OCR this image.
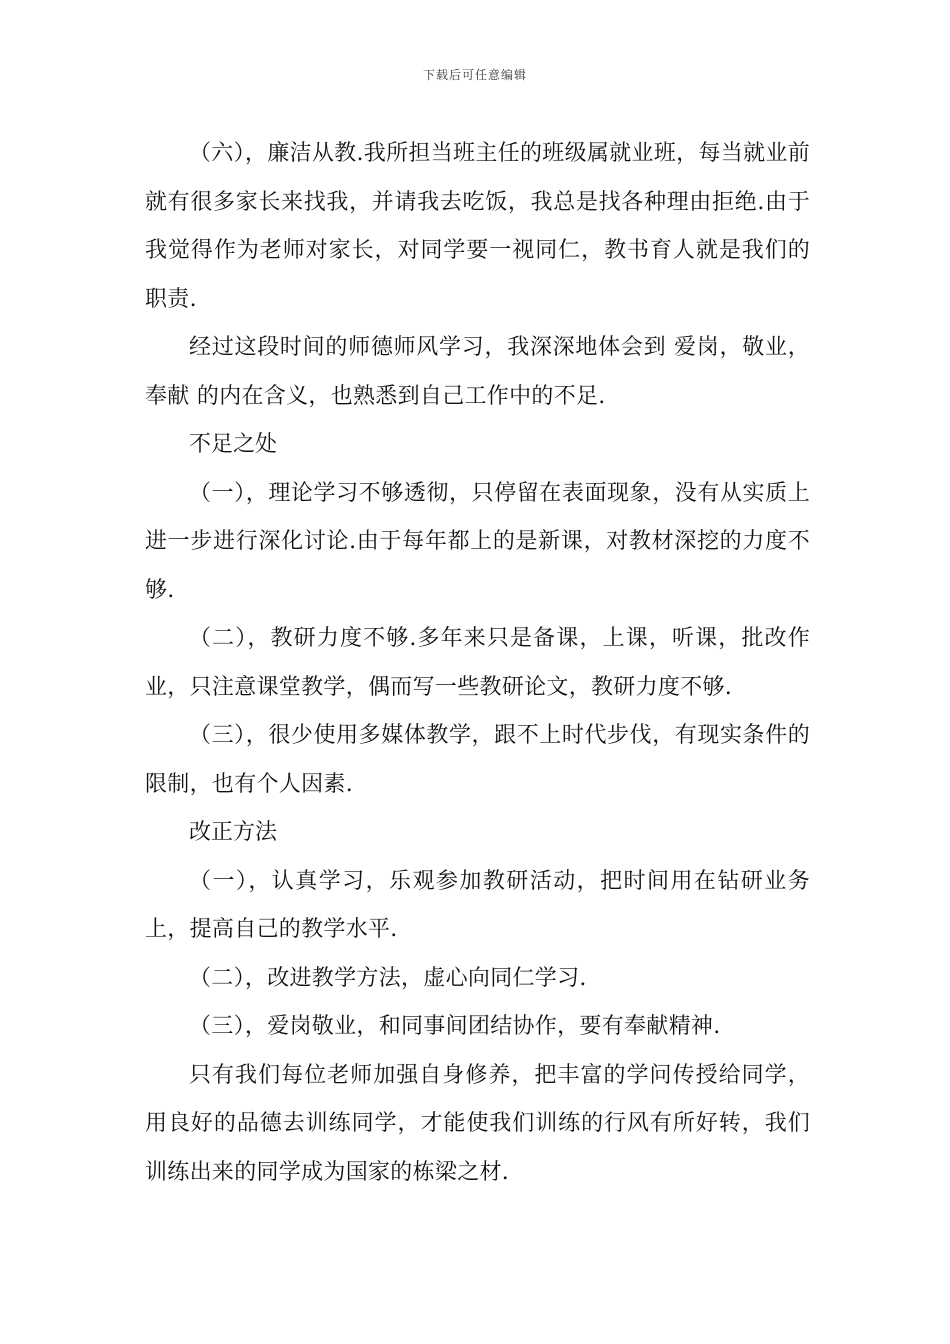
下载后可任意编辑

（六），廉洁从教.我所担当班主任的班级属就业班，每当就业前就有很多家长来找我，并请我去吃饭，我总是找各种理由拒绝.由于我觉得作为老师对家长，对同学要一视同仁，教书育人就是我们的职责.

经过这段时间的师德师风学习，我深深地体会到 爱岗，敬业，奉献 的内在含义，也熟悉到自己工作中的不足.

不足之处

（一），理论学习不够透彻，只停留在表面现象，没有从实质上进一步进行深化讨论.由于每年都上的是新课，对教材深挖的力度不够.

（二），教研力度不够.多年来只是备课，上课，听课，批改作业，只注意课堂教学，偶而写一些教研论文，教研力度不够.

（三），很少使用多媒体教学，跟不上时代步伐，有现实条件的限制，也有个人因素.

改正方法

（一），认真学习，乐观参加教研活动，把时间用在钻研业务上，提高自己的教学水平.

（二），改进教学方法，虚心向同仁学习.

（三），爱岗敬业，和同事间团结协作，要有奉献精神.

只有我们每位老师加强自身修养，把丰富的学问传授给同学，用良好的品德去训练同学，才能使我们训练的行风有所好转，我们训练出来的同学成为国家的栋梁之材.
